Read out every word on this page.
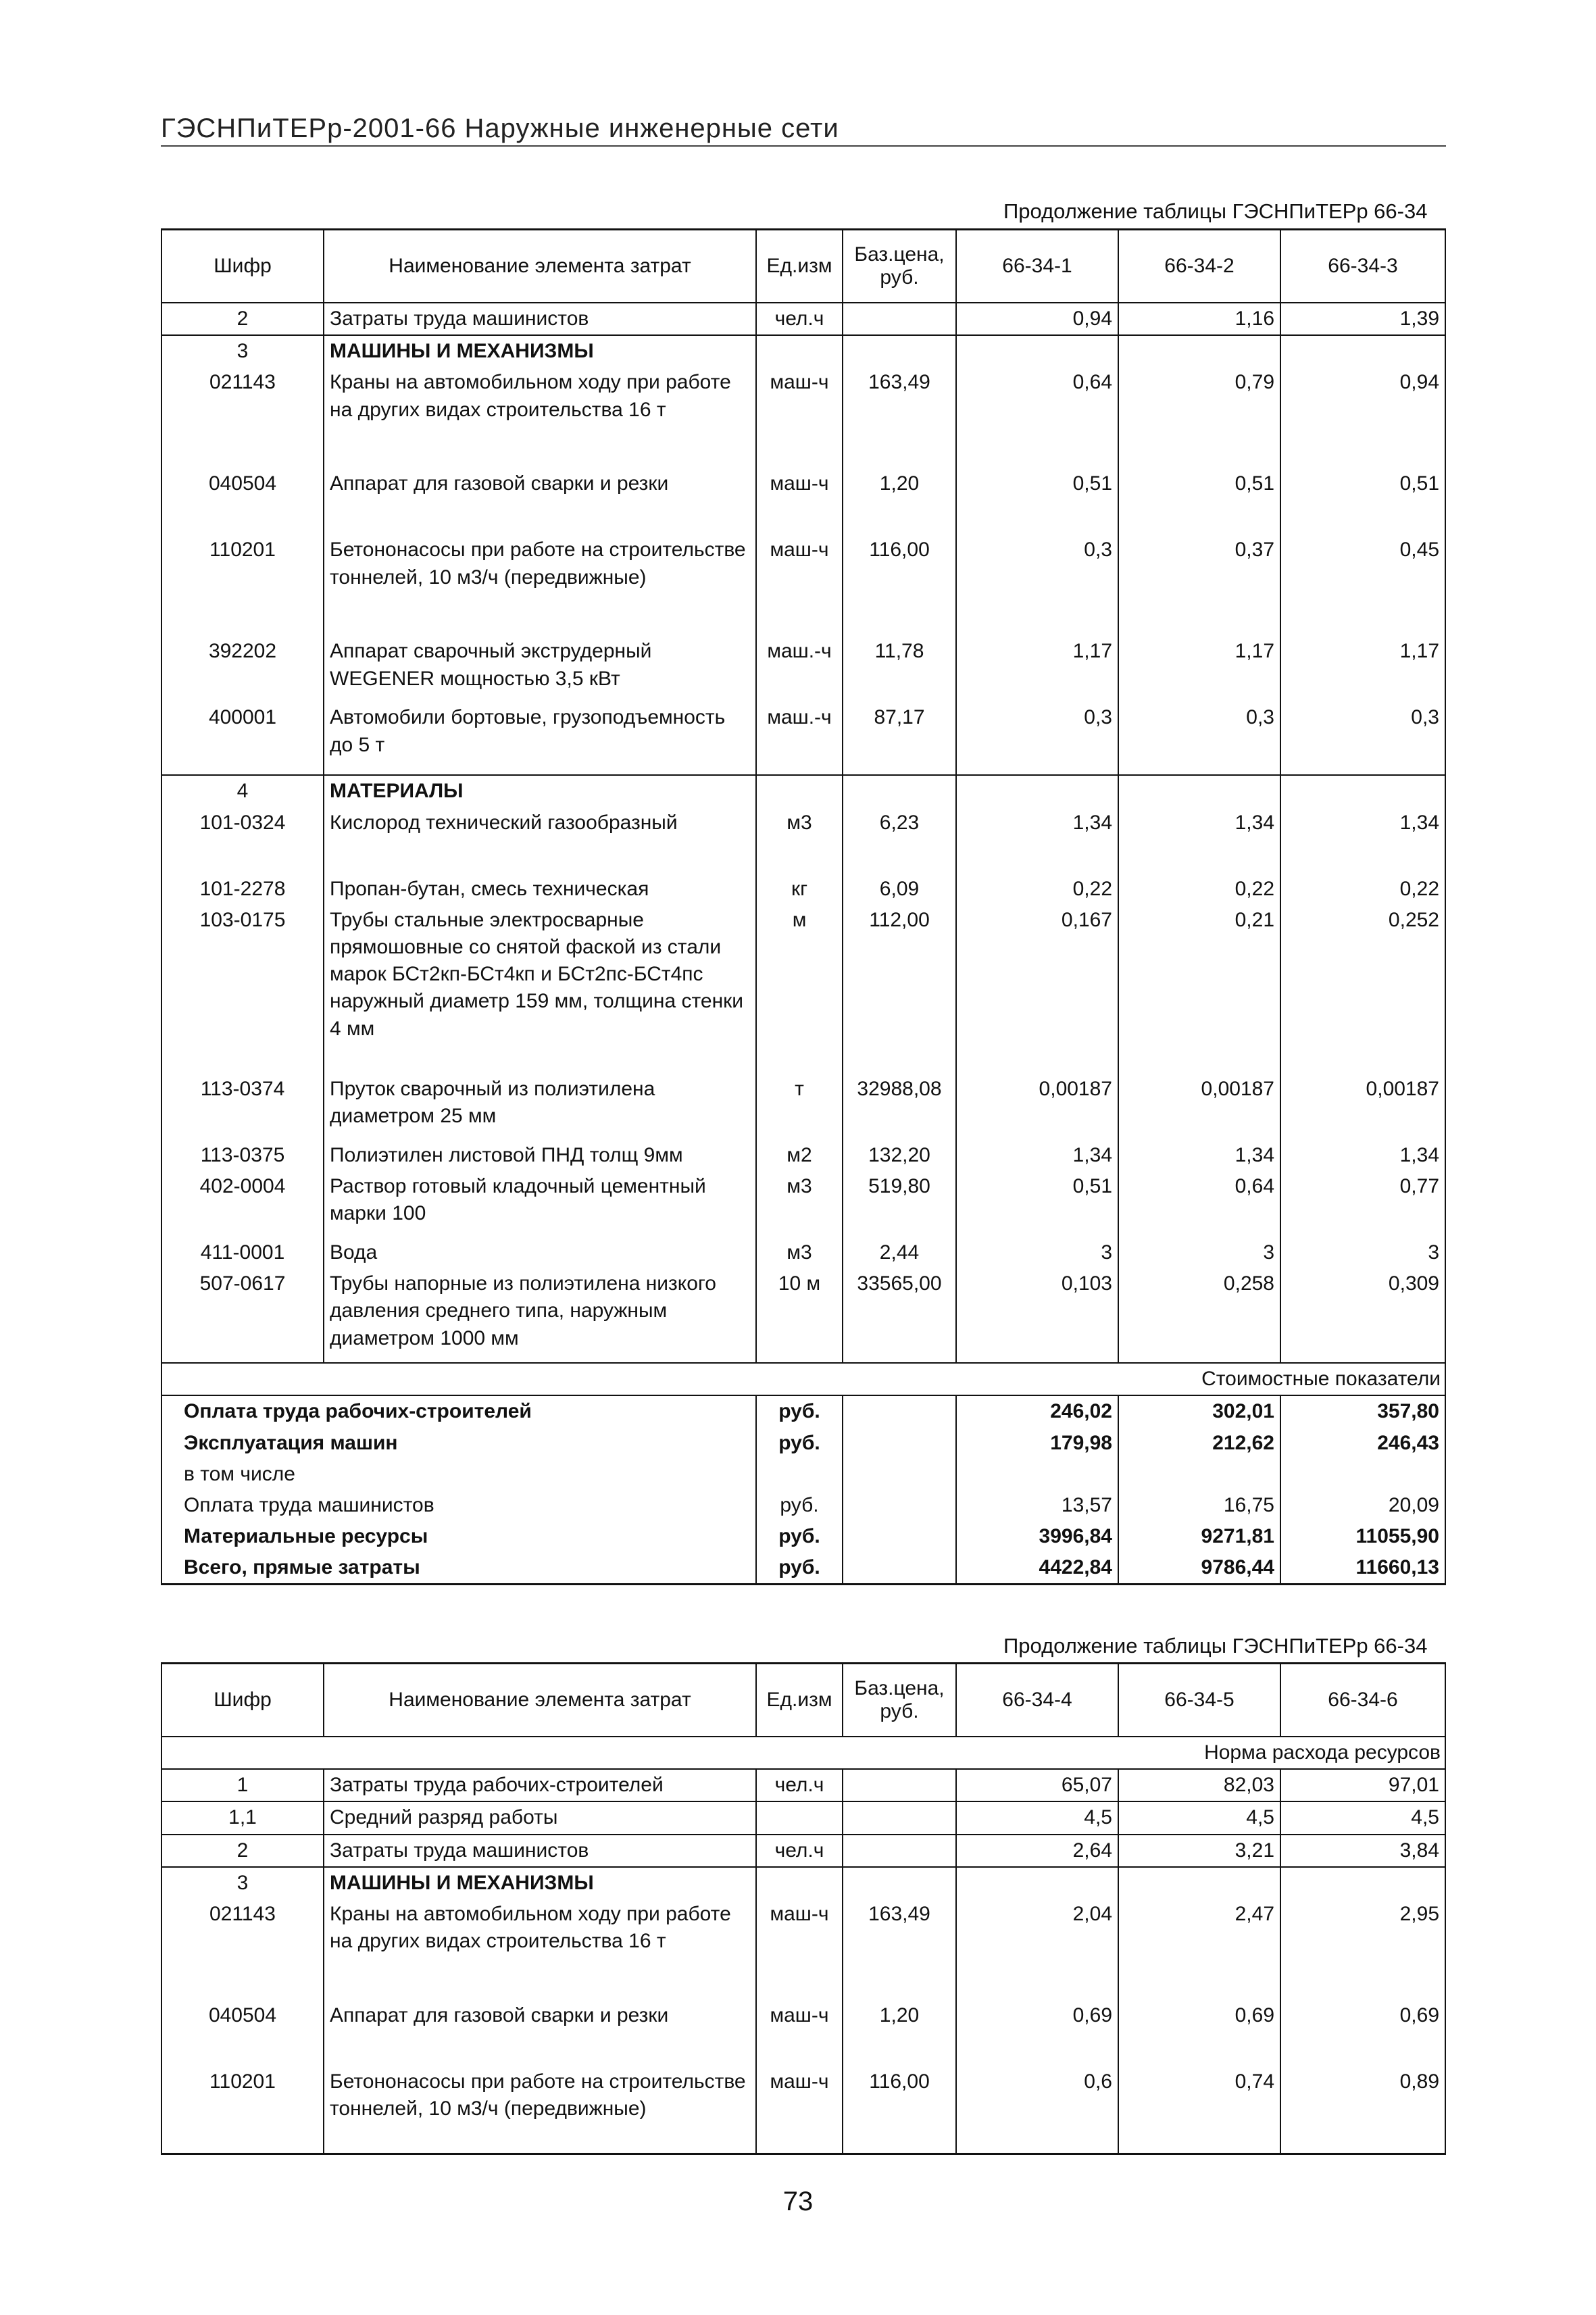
ГЭСНПиТЕРр-2001-66 Наружные инженерные сети
Продолжение таблицы ГЭСНПиТЕРр 66-34
Шифр	Наименование элемента затрат	Ед.изм	Баз.цена, руб.	66-34-1	66-34-2	66-34-3
2	Затраты труда машинистов	чел.ч		0,94	1,16	1,39
3	МАШИНЫ И МЕХАНИЗМЫ					
021143	Краны на автомобильном ходу при работе на других видах строительства 16 т	маш-ч	163,49	0,64	0,79	0,94
040504	Аппарат для газовой сварки и резки	маш-ч	1,20	0,51	0,51	0,51
110201	Бетононасосы при работе на строительстве тоннелей, 10 м3/ч (передвижные)	маш-ч	116,00	0,3	0,37	0,45
392202	Аппарат сварочный экструдерный WEGENER мощностью 3,5 кВт	маш.-ч	11,78	1,17	1,17	1,17
400001	Автомобили бортовые, грузоподъемность до 5 т	маш.-ч	87,17	0,3	0,3	0,3
4	МАТЕРИАЛЫ					
101-0324	Кислород технический газообразный	м3	6,23	1,34	1,34	1,34
101-2278	Пропан-бутан, смесь техническая	кг	6,09	0,22	0,22	0,22
103-0175	Трубы стальные электросварные прямошовные со снятой фаской из стали марок БСт2кп-БСт4кп и БСт2пс-БСт4пс наружный диаметр 159 мм, толщина стенки 4 мм	м	112,00	0,167	0,21	0,252
113-0374	Пруток сварочный из полиэтилена диаметром 25 мм	т	32988,08	0,00187	0,00187	0,00187
113-0375	Полиэтилен листовой ПНД толщ 9мм	м2	132,20	1,34	1,34	1,34
402-0004	Раствор готовый кладочный цементный марки 100	м3	519,80	0,51	0,64	0,77
411-0001	Вода	м3	2,44	3	3	3
507-0617	Трубы напорные из полиэтилена низкого давления среднего типа, наружным диаметром 1000 мм	10 м	33565,00	0,103	0,258	0,309
Стоимостные показатели						
Оплата труда рабочих-строителей		руб.		246,02	302,01	357,80
Эксплуатация машин		руб.		179,98	212,62	246,43
в том числе						
Оплата труда машинистов		руб.		13,57	16,75	20,09
Материальные ресурсы		руб.		3996,84	9271,81	11055,90
Всего, прямые затраты		руб.		4422,84	9786,44	11660,13
Продолжение таблицы ГЭСНПиТЕРр 66-34
Шифр	Наименование элемента затрат	Ед.изм	Баз.цена, руб.	66-34-4	66-34-5	66-34-6
Норма расхода ресурсов						
1	Затраты труда рабочих-строителей	чел.ч		65,07	82,03	97,01
1,1	Средний разряд работы			4,5	4,5	4,5
2	Затраты труда машинистов	чел.ч		2,64	3,21	3,84
3	МАШИНЫ И МЕХАНИЗМЫ					
021143	Краны на автомобильном ходу при работе на других видах строительства 16 т	маш-ч	163,49	2,04	2,47	2,95
040504	Аппарат для газовой сварки и резки	маш-ч	1,20	0,69	0,69	0,69
110201	Бетононасосы при работе на строительстве тоннелей, 10 м3/ч (передвижные)	маш-ч	116,00	0,6	0,74	0,89
73
